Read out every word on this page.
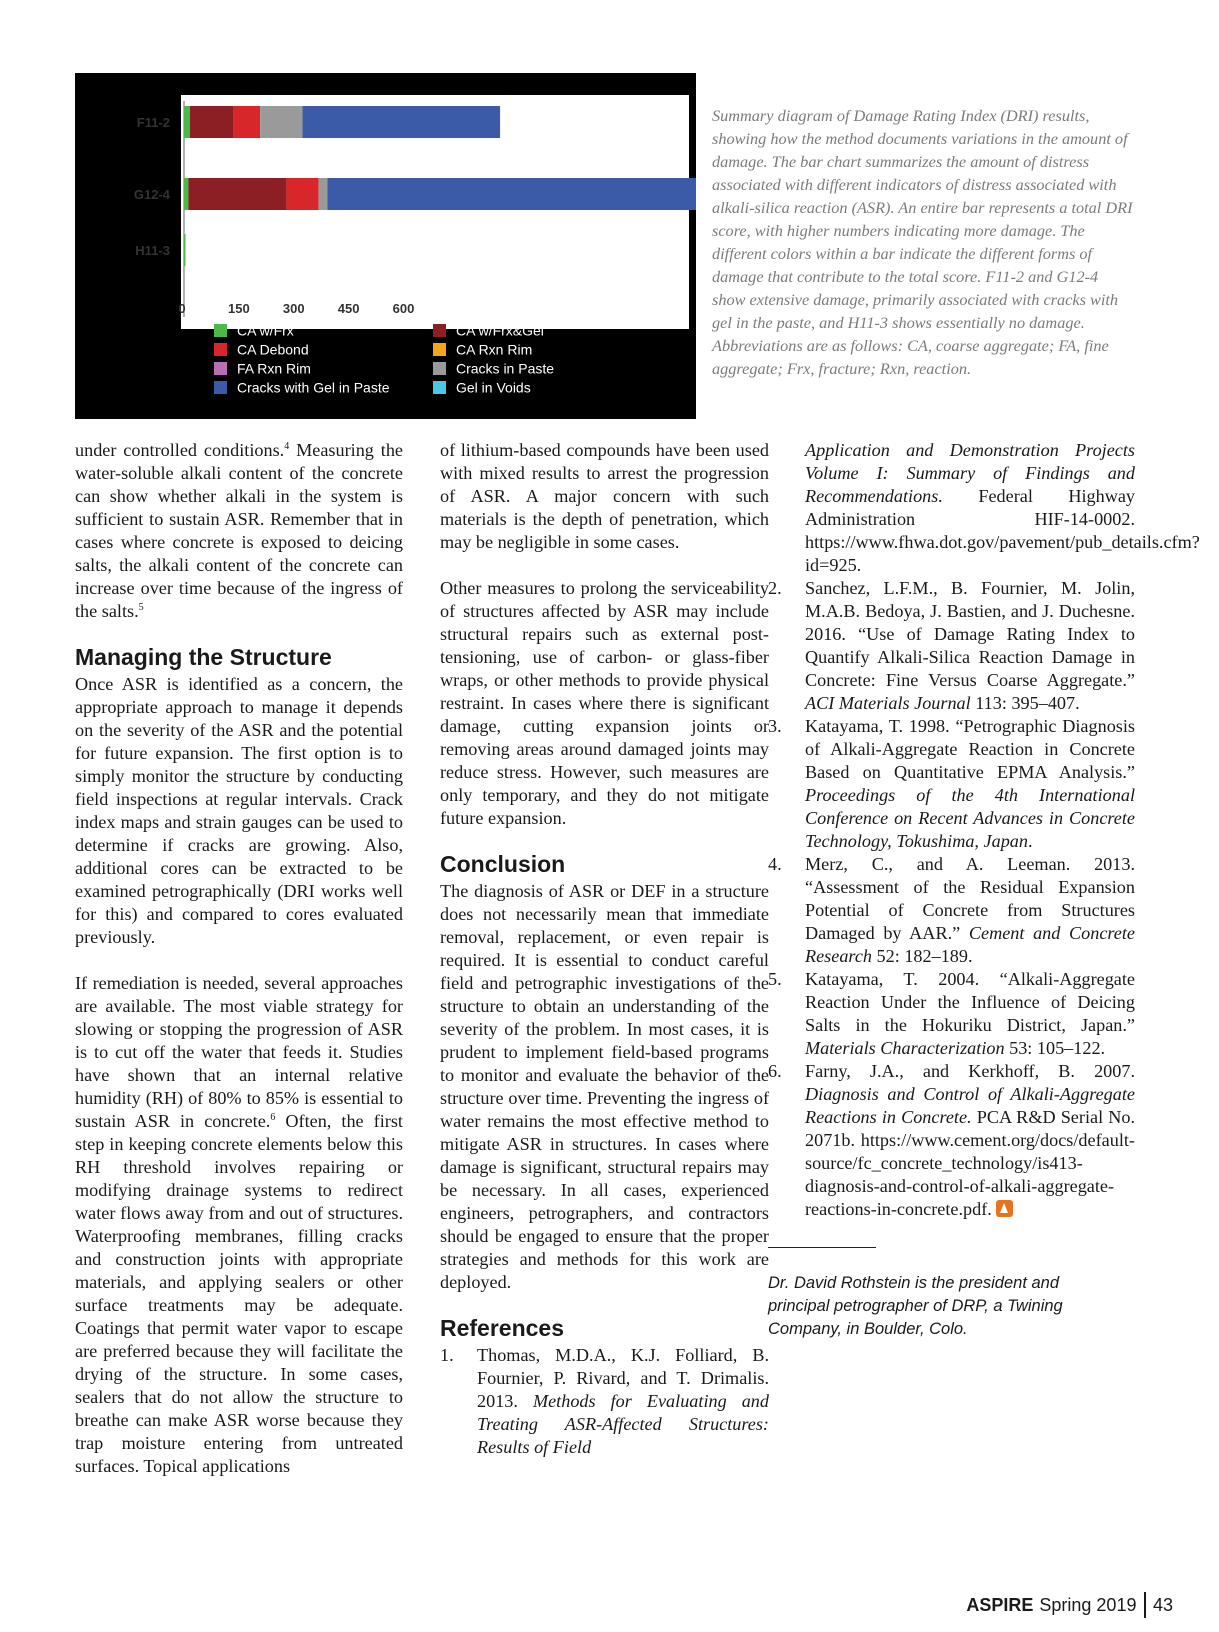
F11-2
G12-4
H11-3
0	150	300	450	600
CA w/Frx
CA Debond
FA Rxn Rim
Cracks with Gel in Paste
CA w/Frx&Gel
CA Rxn Rim
Cracks in Paste
Gel in Voids
Summary diagram of Damage Rating Index (DRI) results, showing how the method documents variations in the amount of damage. The bar chart summarizes the amount of distress associated with different indicators of distress associated with alkali-silica reaction (ASR). An entire bar represents a total DRI score, with higher numbers indicating more damage. The different colors within a bar indicate the different forms of damage that contribute to the total score. F11-2 and G12-4 show extensive damage, primarily associated with cracks with gel in the paste, and H11-3 shows essentially no damage. Abbreviations are as follows: CA, coarse aggregate; FA, fine aggregate; Frx, fracture; Rxn, reaction.

under controlled conditions.$^4$ Measuring the water-soluble alkali content of the concrete can show whether alkali in the system is sufficient to sustain ASR. Remember that in cases where concrete is exposed to deicing salts, the alkali content of the concrete can increase over time because of the ingress of the salts.$^5$

Managing the Structure

Once ASR is identified as a concern, the appropriate approach to manage it depends on the severity of the ASR and the potential for future expansion. The first option is to simply monitor the structure by conducting field inspections at regular intervals. Crack index maps and strain gauges can be used to determine if cracks are growing. Also, additional cores can be extracted to be examined petrographically (DRI works well for this) and compared to cores evaluated previously.

If remediation is needed, several approaches are available. The most viable strategy for slowing or stopping the progression of ASR is to cut off the water that feeds it. Studies have shown that an internal relative humidity (RH) of 80% to 85% is essential to sustain ASR in concrete.$^6$ Often, the first step in keeping concrete elements below this RH threshold involves repairing or modifying drainage systems to redirect water flows away from and out of structures. Waterproofing membranes, filling cracks and construction joints with appropriate materials, and applying sealers or other surface treatments may be adequate. Coatings that permit water vapor to escape are preferred because they will facilitate the drying of the structure. In some cases, sealers that do not allow the structure to breathe can make ASR worse because they trap moisture entering from untreated surfaces. Topical applications

of lithium-based compounds have been used with mixed results to arrest the progression of ASR. A major concern with such materials is the depth of penetration, which may be negligible in some cases.

Other measures to prolong the serviceability of structures affected by ASR may include structural repairs such as external post-tensioning, use of carbon- or glass-fiber wraps, or other methods to provide physical restraint. In cases where there is significant damage, cutting expansion joints or removing areas around damaged joints may reduce stress. However, such measures are only temporary, and they do not mitigate future expansion.

Conclusion

The diagnosis of ASR or DEF in a structure does not necessarily mean that immediate removal, replacement, or even repair is required. It is essential to conduct careful field and petrographic investigations of the structure to obtain an understanding of the severity of the problem. In most cases, it is prudent to implement field-based programs to monitor and evaluate the behavior of the structure over time. Preventing the ingress of water remains the most effective method to mitigate ASR in structures. In cases where damage is significant, structural repairs may be necessary. In all cases, experienced engineers, petrographers, and contractors should be engaged to ensure that the proper strategies and methods for this work are deployed.

References
1. Thomas, M.D.A., K.J. Folliard, B. Fournier, P. Rivard, and T. Drimalis. 2013. Methods for Evaluating and Treating ASR-Affected Structures: Results of Field
Application and Demonstration Projects Volume I: Summary of Findings and Recommendations. Federal Highway Administration HIF-14-0002. https://www.fhwa.dot.gov/pavement/pub_details.cfm?id=925.
2. Sanchez, L.F.M., B. Fournier, M. Jolin, M.A.B. Bedoya, J. Bastien, and J. Duchesne. 2016. “Use of Damage Rating Index to Quantify Alkali-Silica Reaction Damage in Concrete: Fine Versus Coarse Aggregate.” ACI Materials Journal 113: 395–407.
3. Katayama, T. 1998. “Petrographic Diagnosis of Alkali-Aggregate Reaction in Concrete Based on Quantitative EPMA Analysis.” Proceedings of the 4th International Conference on Recent Advances in Concrete Technology, Tokushima, Japan.
4. Merz, C., and A. Leeman. 2013. “Assessment of the Residual Expansion Potential of Concrete from Structures Damaged by AAR.” Cement and Concrete Research 52: 182–189.
5. Katayama, T. 2004. “Alkali-Aggregate Reaction Under the Influence of Deicing Salts in the Hokuriku District, Japan.” Materials Characterization 53: 105–122.
6. Farny, J.A., and Kerkhoff, B. 2007. Diagnosis and Control of Alkali-Aggregate Reactions in Concrete. PCA R&D Serial No. 2071b. https://www.cement.org/docs/default-source/fc_concrete_technology/is413-diagnosis-and-control-of-alkali-aggregate-reactions-in-concrete.pdf.
Dr. David Rothstein is the president and principal petrographer of DRP, a Twining Company, in Boulder, Colo.
ASPIRE Spring 2019 43
